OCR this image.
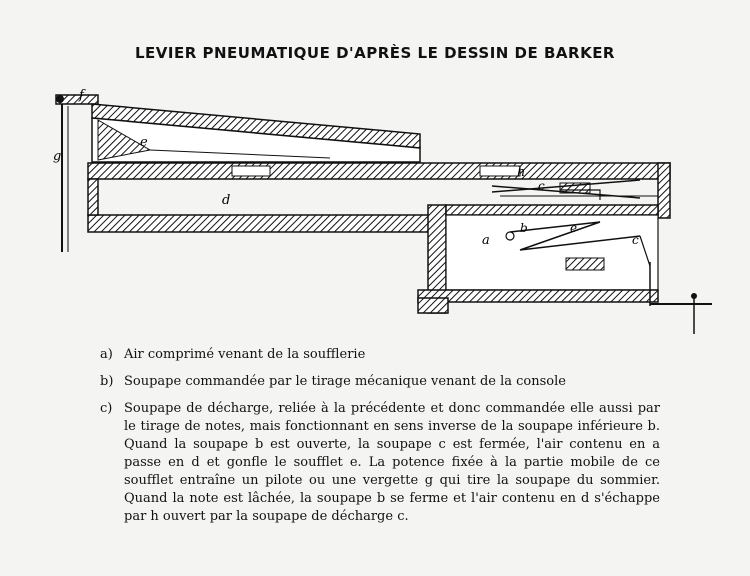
LEVIER PNEUMATIQUE D'APRÈS LE DESSIN DE BARKER
f
g
e
d
h
c
a
b	e
c
a) Air comprimé venant de la soufflerie
b) Soupape commandée par le tirage mécanique venant de la console
c) Soupape de décharge, reliée à la précédente et donc commandée elle aussi par le tirage de notes, mais fonctionnant en sens inverse de la soupape inférieure b. Quand la soupape b est ouverte, la soupape c est fermée, l'air contenu en a passe en d et gonfle le soufflet e. La potence fixée à la partie mobile de ce soufflet entraîne un pilote ou une vergette g qui tire la soupape du sommier. Quand la note est lâchée, la soupape b se ferme et l'air contenu en d s'échappe par h ouvert par la soupape de décharge c.
